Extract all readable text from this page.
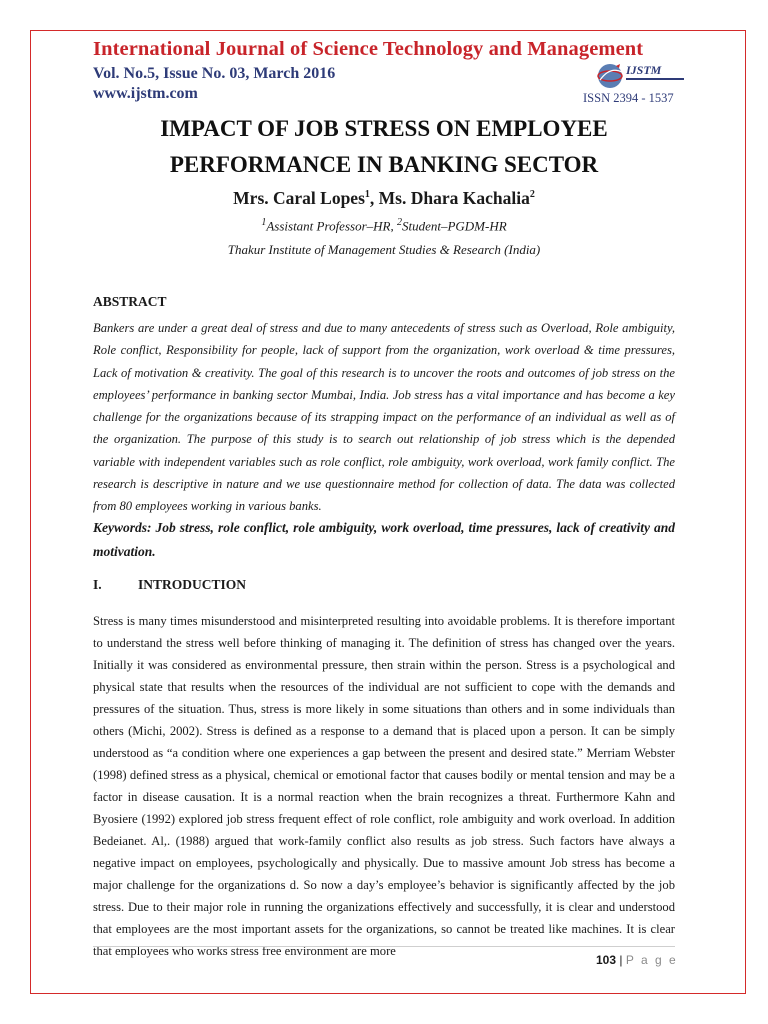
International Journal of Science Technology and Management
Vol. No.5, Issue No. 03, March 2016
www.ijstm.com
IJSTM
ISSN 2394 - 1537
IMPACT OF JOB STRESS ON EMPLOYEE
PERFORMANCE IN BANKING SECTOR
Mrs. Caral Lopes$^1$, Ms. Dhara Kachalia$^2$
$^1$Assistant Professor–HR, $^2$Student–PGDM-HR
Thakur Institute of Management Studies & Research (India)
ABSTRACT
Bankers are under a great deal of stress and due to many antecedents of stress such as Overload, Role ambiguity, Role conflict, Responsibility for people, lack of support from the organization, work overload & time pressures, Lack of motivation & creativity. The goal of this research is to uncover the roots and outcomes of job stress on the employees’ performance in banking sector Mumbai, India. Job stress has a vital importance and has become a key challenge for the organizations because of its strapping impact on the performance of an individual as well as of the organization. The purpose of this study is to search out relationship of job stress which is the depended variable with independent variables such as role conflict, role ambiguity, work overload, work family conflict. The research is descriptive in nature and we use questionnaire method for collection of data. The data was collected from 80 employees working in various banks.
Keywords: Job stress, role conflict, role ambiguity, work overload, time pressures, lack of creativity and motivation.
I.	INTRODUCTION
Stress is many times misunderstood and misinterpreted resulting into avoidable problems. It is therefore important to understand the stress well before thinking of managing it. The definition of stress has changed over the years. Initially it was considered as environmental pressure, then strain within the person. Stress is a psychological and physical state that results when the resources of the individual are not sufficient to cope with the demands and pressures of the situation. Thus, stress is more likely in some situations than others and in some individuals than others (Michi, 2002). Stress is defined as a response to a demand that is placed upon a person. It can be simply understood as “a condition where one experiences a gap between the present and desired state.” Merriam Webster (1998) defined stress as a physical, chemical or emotional factor that causes bodily or mental tension and may be a factor in disease causation. It is a normal reaction when the brain recognizes a threat. Furthermore Kahn and Byosiere (1992) explored job stress frequent effect of role conflict, role ambiguity and work overload. In addition Bedeianet. Al,. (1988) argued that work-family conflict also results as job stress. Such factors have always a negative impact on employees, psychologically and physically. Due to massive amount Job stress has become a major challenge for the organizations d. So now a day’s employee’s behavior is significantly affected by the job stress. Due to their major role in running the organizations effectively and successfully, it is clear and understood that employees are the most important assets for the organizations, so cannot be treated like machines. It is clear that employees who works stress free environment are more
103 | P a g e
